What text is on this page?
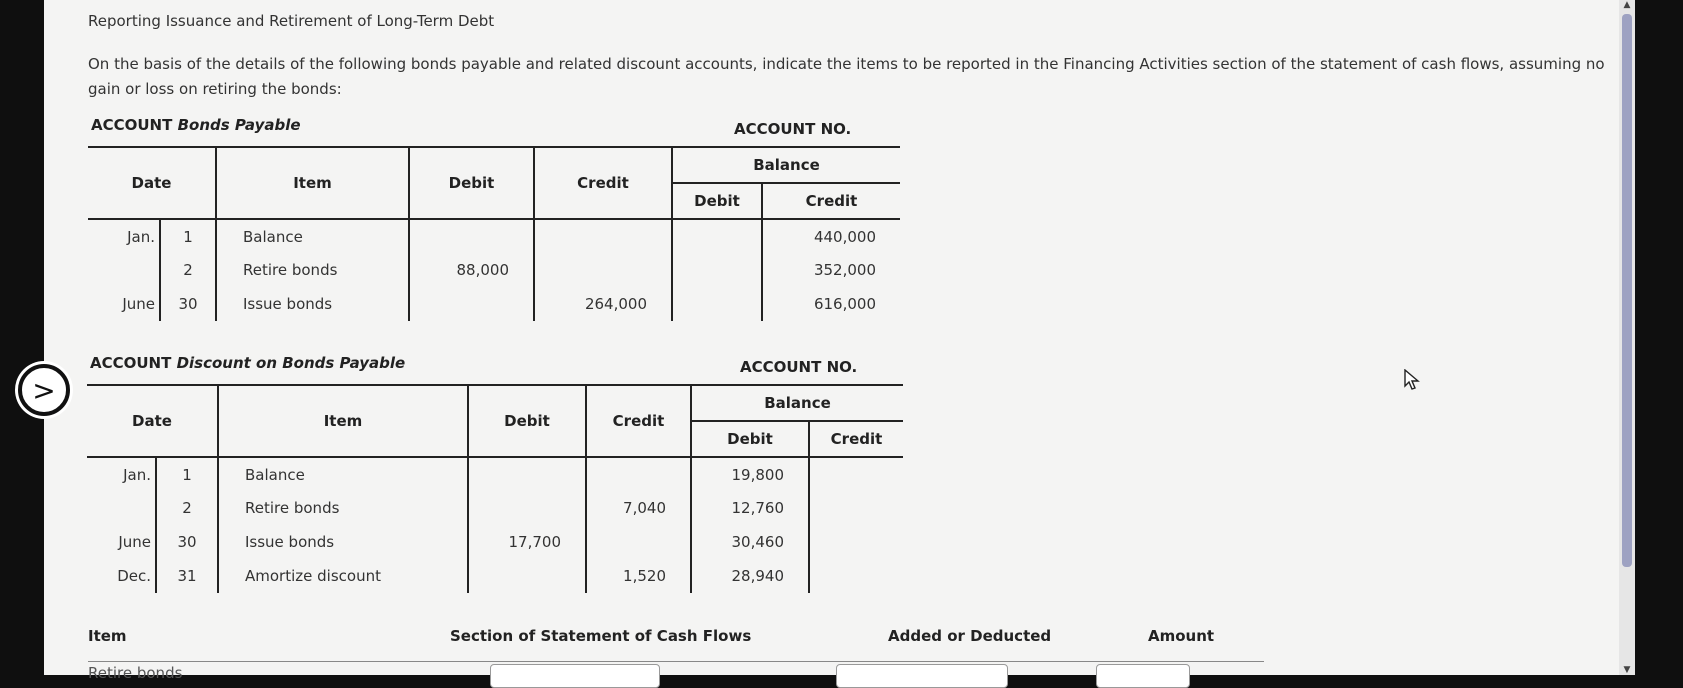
Reporting Issuance and Retirement of Long-Term Debt
On the basis of the details of the following bonds payable and related discount accounts, indicate the items to be reported in the Financing Activities section of the statement of cash flows, assuming no gain or loss on retiring the bonds:
ACCOUNT Bonds Payable	ACCOUNT NO.
Date		Item	Debit	Credit	Balance	
					Debit	Credit
Jan.	1	Balance				440,000
	2	Retire bonds	88,000			352,000
June	30	Issue bonds		264,000		616,000
ACCOUNT Discount on Bonds Payable	ACCOUNT NO.
Date		Item	Debit	Credit	Balance	
					Debit	Credit
Jan.	1	Balance			19,800	
	2	Retire bonds		7,040	12,760	
June	30	Issue bonds	17,700		30,460	
Dec.	31	Amortize discount		1,520	28,940	
Item	Section of Statement of Cash Flows	Added or Deducted	Amount
Retire bonds
▲
▼
>
